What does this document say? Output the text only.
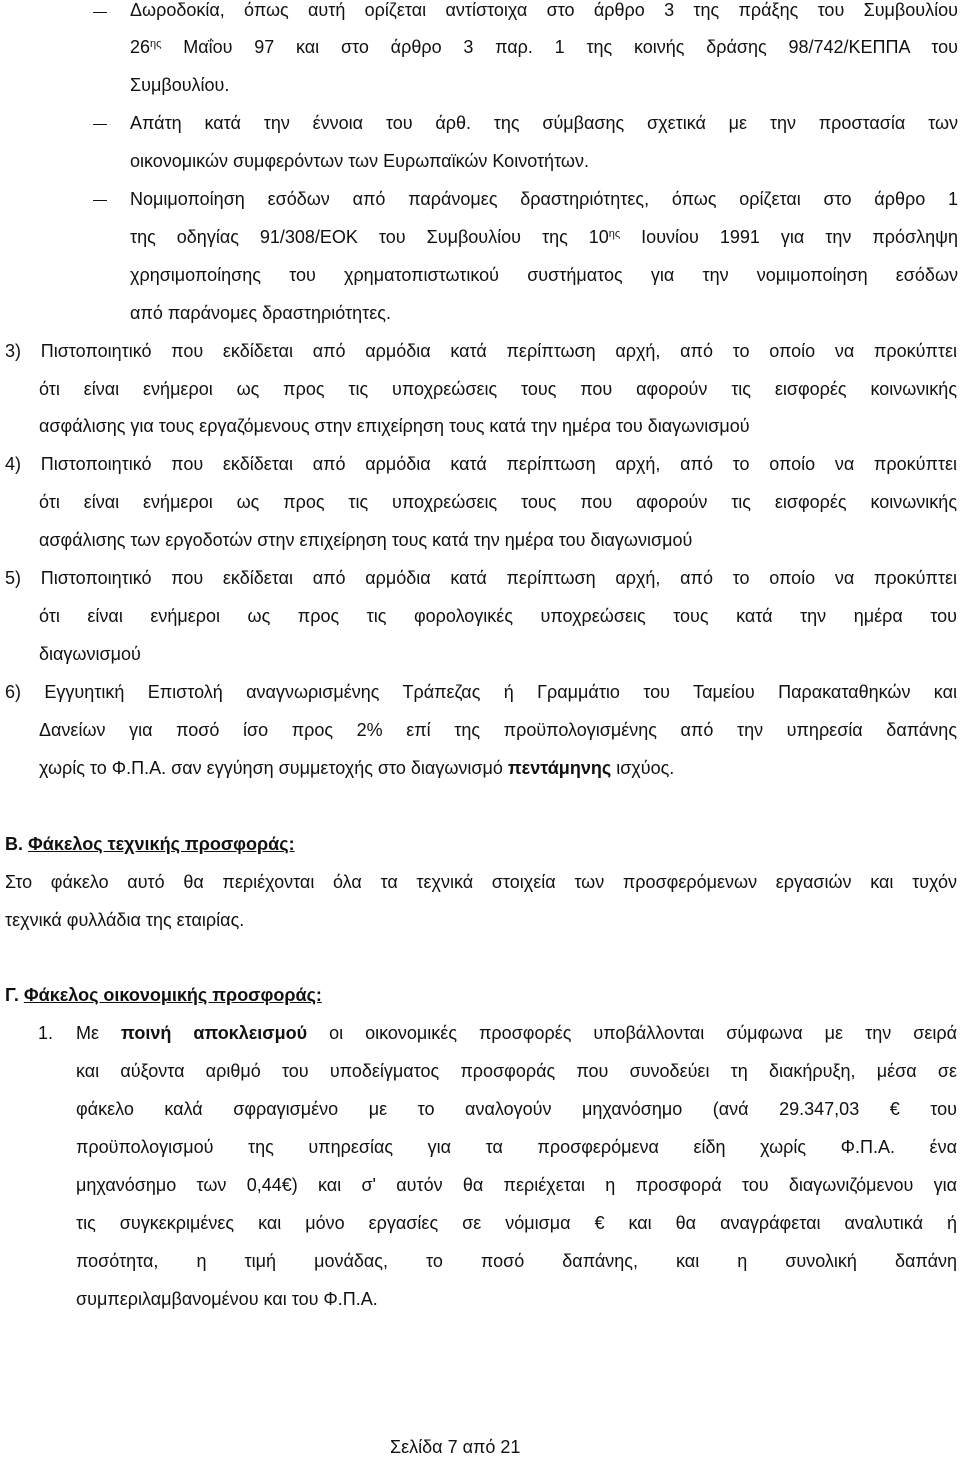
Δωροδοκία, όπως αυτή ορίζεται αντίστοιχα στο άρθρο 3 της πράξης του Συμβουλίου
$26^{\eta\varsigma}$ Μαΐου 97 και στο άρθρο 3 παρ. 1 της κοινής δράσης 98/742/ΚΕΠΠΑ του
Συμβουλίου.
Απάτη κατά την έννοια του άρθ. της σύμβασης σχετικά με την προστασία των
οικονομικών συμφερόντων των Ευρωπαϊκών Κοινοτήτων.
Νομιμοποίηση εσόδων από παράνομες δραστηριότητες, όπως ορίζεται στο άρθρο 1
της οδηγίας 91/308/ΕΟΚ του Συμβουλίου της $10^{\eta\varsigma}$ Ιουνίου 1991 για την πρόσληψη
χρησιμοποίησης του χρηματοπιστωτικού συστήματος για την νομιμοποίηση εσόδων
από παράνομες δραστηριότητες.
3) Πιστοποιητικό που εκδίδεται από αρμόδια κατά περίπτωση αρχή, από το οποίο να προκύπτει
ότι είναι ενήμεροι ως προς τις υποχρεώσεις τους που αφορούν τις εισφορές κοινωνικής
ασφάλισης για τους εργαζόμενους στην επιχείρηση τους κατά την ημέρα του διαγωνισμού
4) Πιστοποιητικό που εκδίδεται από αρμόδια κατά περίπτωση αρχή, από το οποίο να προκύπτει
ότι είναι ενήμεροι ως προς τις υποχρεώσεις τους που αφορούν τις εισφορές κοινωνικής
ασφάλισης των εργοδοτών στην επιχείρηση τους κατά την ημέρα του διαγωνισμού
5) Πιστοποιητικό που εκδίδεται από αρμόδια κατά περίπτωση αρχή, από το οποίο να προκύπτει
ότι είναι ενήμεροι ως προς τις φορολογικές υποχρεώσεις τους κατά την ημέρα του
διαγωνισμού
6) Εγγυητική Επιστολή αναγνωρισμένης Τράπεζας ή Γραμμάτιο του Ταμείου Παρακαταθηκών και
Δανείων για ποσό ίσο προς 2% επί της προϋπολογισμένης από την υπηρεσία δαπάνης
χωρίς το Φ.Π.Α. σαν εγγύηση συμμετοχής στο διαγωνισμό πεντάμηνης ισχύος.
Β. Φάκελος τεχνικής προσφοράς:
Στο φάκελο αυτό θα περιέχονται όλα τα τεχνικά στοιχεία των προσφερόμενων εργασιών και τυχόν
τεχνικά φυλλάδια της εταιρίας.
Γ. Φάκελος οικονομικής προσφοράς:
1. Με ποινή αποκλεισμού οι οικονομικές προσφορές υποβάλλονται σύμφωνα με την σειρά
και αύξοντα αριθμό του υποδείγματος προσφοράς που συνοδεύει τη διακήρυξη, μέσα σε
φάκελο καλά σφραγισμένο με το αναλογούν μηχανόσημο (ανά 29.347,03 € του
προϋπολογισμού της υπηρεσίας για τα προσφερόμενα είδη χωρίς Φ.Π.Α. ένα
μηχανόσημο των 0,44€) και σ' αυτόν θα περιέχεται η προσφορά του διαγωνιζόμενου για
τις συγκεκριμένες και μόνο εργασίες σε νόμισμα € και θα αναγράφεται αναλυτικά ή
ποσότητα, η τιμή μονάδας, το ποσό δαπάνης, και η συνολική δαπάνη
συμπεριλαμβανομένου και του Φ.Π.Α.
Σελίδα 7 από 21
